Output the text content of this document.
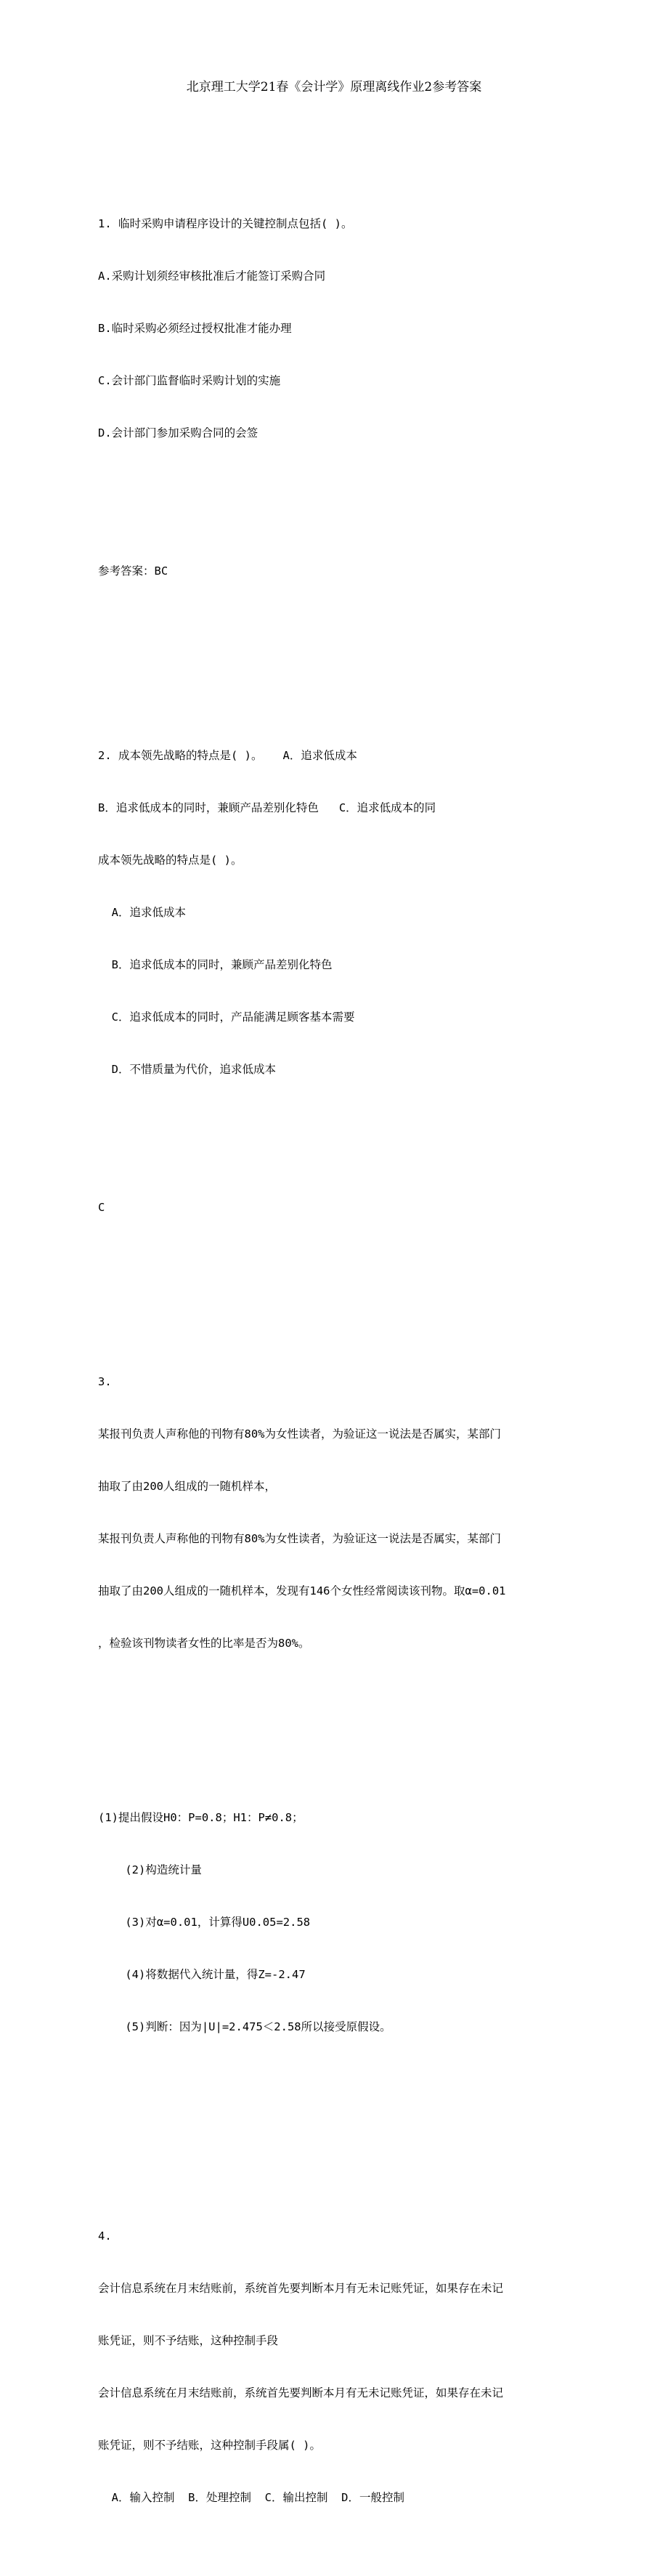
北京理工大学21春《会计学》原理离线作业2参考答案

1. 临时采购申请程序设计的关键控制点包括( )。

A.采购计划须经审核批准后才能签订采购合同

B.临时采购必须经过授权批准才能办理

C.会计部门监督临时采购计划的实施

D.会计部门参加采购合同的会签

参考答案：BC

2. 成本领先战略的特点是( )。   A．追求低成本

B．追求低成本的同时，兼顾产品差别化特色   C．追求低成本的同

成本领先战略的特点是( )。

A．追求低成本

B．追求低成本的同时，兼顾产品差别化特色

C．追求低成本的同时，产品能满足顾客基本需要

D．不惜质量为代价，追求低成本

C

3.

某报刊负责人声称他的刊物有80%为女性读者，为验证这一说法是否属实，某部门

抽取了由200人组成的一随机样本，

某报刊负责人声称他的刊物有80%为女性读者，为验证这一说法是否属实，某部门

抽取了由200人组成的一随机样本，发现有146个女性经常阅读该刊物。取α=0.01

，检验该刊物读者女性的比率是否为80%。

(1)提出假设H0：P=0.8；H1：P≠0.8；

(2)构造统计量

(3)对α=0.01，计算得U0.05=2.58

(4)将数据代入统计量，得Z=-2.47

(5)判断：因为|U|=2.475＜2.58所以接受原假设。

4.

会计信息系统在月末结账前，系统首先要判断本月有无未记账凭证，如果存在未记

账凭证，则不予结账，这种控制手段

会计信息系统在月末结账前，系统首先要判断本月有无未记账凭证，如果存在未记

账凭证，则不予结账，这种控制手段属( )。

A．输入控制  B．处理控制  C．输出控制  D．一般控制
